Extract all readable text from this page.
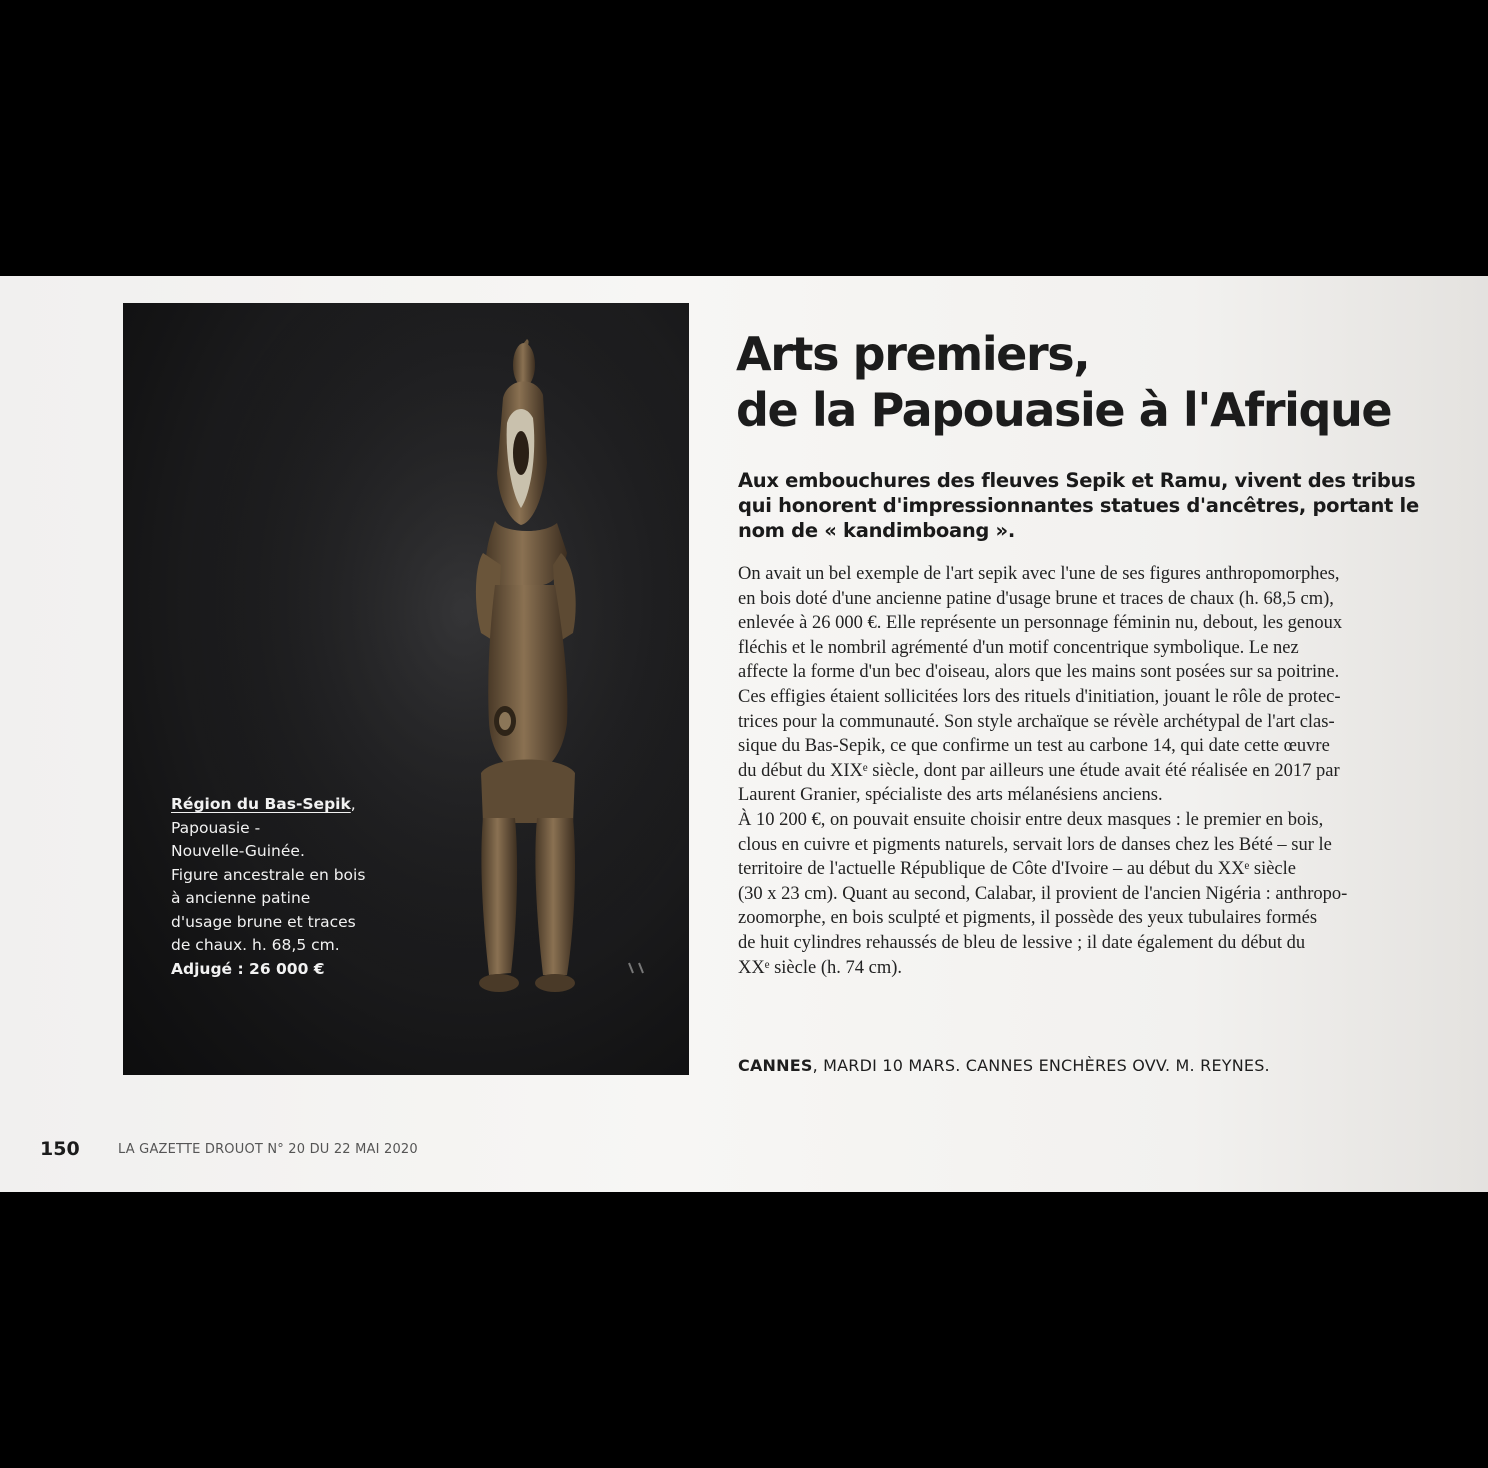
Région du Bas-Sepik,
Papouasie -
Nouvelle-Guinée.
Figure ancestrale en bois
à ancienne patine
d'usage brune et traces
de chaux. h. 68,5 cm.
Adjugé : 26 000 €
Arts premiers,
de la Papouasie à l'Afrique

Aux embouchures des fleuves Sepik et Ramu, vivent des tribus
qui honorent d'impressionnantes statues d'ancêtres, portant le
nom de « kandimboang ».

On avait un bel exemple de l'art sepik avec l'une de ses figures anthropomorphes,
en bois doté d'une ancienne patine d'usage brune et traces de chaux (h. 68,5 cm),
enlevée à 26 000 €. Elle représente un personnage féminin nu, debout, les genoux
fléchis et le nombril agrémenté d'un motif concentrique symbolique. Le nez
affecte la forme d'un bec d'oiseau, alors que les mains sont posées sur sa poitrine.
Ces effigies étaient sollicitées lors des rituels d'initiation, jouant le rôle de protec-
trices pour la communauté. Son style archaïque se révèle archétypal de l'art clas-
sique du Bas-Sepik, ce que confirme un test au carbone 14, qui date cette œuvre
du début du XIXᵉ siècle, dont par ailleurs une étude avait été réalisée en 2017 par
Laurent Granier, spécialiste des arts mélanésiens anciens.
À 10 200 €, on pouvait ensuite choisir entre deux masques : le premier en bois,
clous en cuivre et pigments naturels, servait lors de danses chez les Bété – sur le
territoire de l'actuelle République de Côte d'Ivoire – au début du XXᵉ siècle
(30 x 23 cm). Quant au second, Calabar, il provient de l'ancien Nigéria : anthropo-
zoomorphe, en bois sculpté et pigments, il possède des yeux tubulaires formés
de huit cylindres rehaussés de bleu de lessive ; il date également du début du
XXᵉ siècle (h. 74 cm).
CANNES, MARDI 10 MARS. CANNES ENCHÈRES OVV. M. REYNES.
150	LA GAZETTE DROUOT N° 20 DU 22 MAI 2020
